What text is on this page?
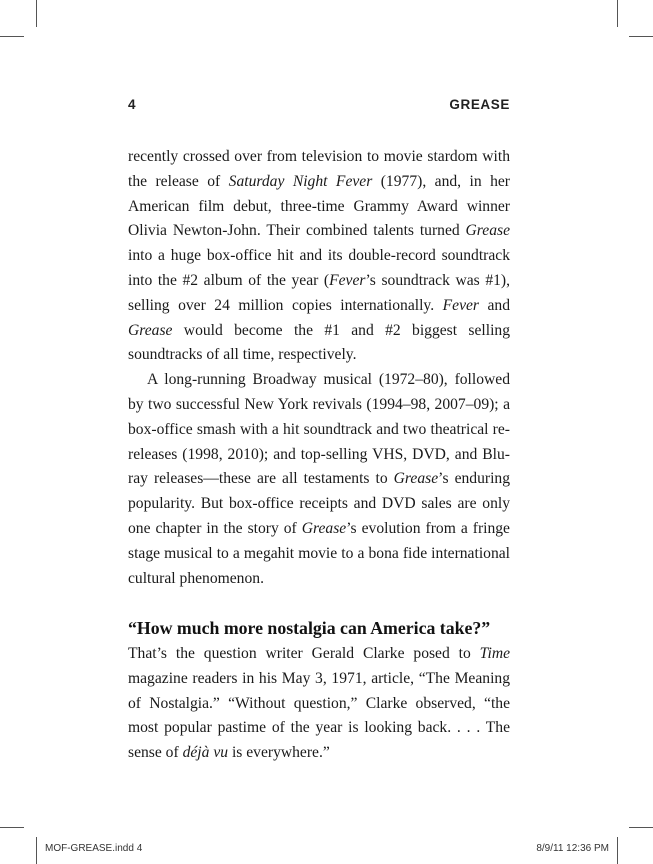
4	GREASE

recently crossed over from television to movie stardom with the release of Saturday Night Fever (1977), and, in her American film debut, three-time Grammy Award winner Olivia Newton-John. Their combined talents turned Grease into a huge box-office hit and its double-record soundtrack into the #2 album of the year (Fever’s soundtrack was #1), selling over 24 million copies internationally. Fever and Grease would become the #1 and #2 biggest selling soundtracks of all time, respectively.

A long-running Broadway musical (1972–80), followed by two successful New York revivals (1994–98, 2007–09); a box-office smash with a hit soundtrack and two theatrical re-releases (1998, 2010); and top-selling VHS, DVD, and Blu-ray releases—these are all testaments to Grease’s enduring popularity. But box-office receipts and DVD sales are only one chapter in the story of Grease’s evolution from a fringe stage musical to a megahit movie to a bona fide international cultural phenomenon.

“How much more nostalgia can America take?”

That’s the question writer Gerald Clarke posed to Time magazine readers in his May 3, 1971, article, “The Meaning of Nostalgia.” “Without question,” Clarke observed, “the most popular pastime of the year is looking back. . . . The sense of déjà vu is everywhere.”

MOF-GREASE.indd 4	8/9/11 12:36 PM
